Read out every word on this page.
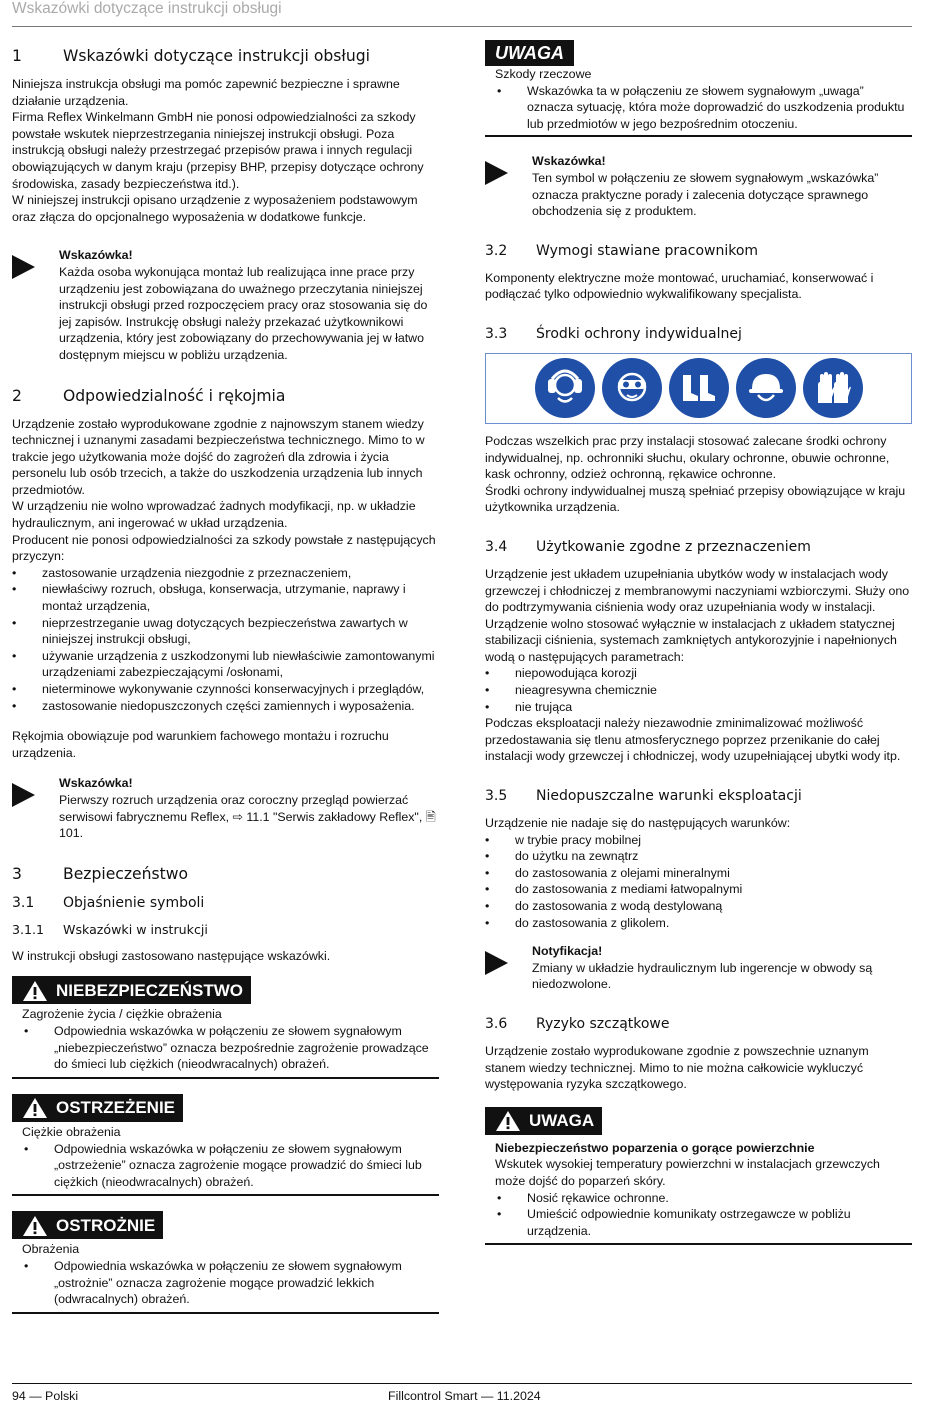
Wskazówki dotyczące instrukcji obsługi
1	Wskazówki dotyczące instrukcji obsługi

Niniejsza instrukcja obsługi ma pomóc zapewnić bezpieczne i sprawne działanie urządzenia.

Firma Reflex Winkelmann GmbH nie ponosi odpowiedzialności za szkody powstałe wskutek nieprzestrzegania niniejszej instrukcji obsługi. Poza instrukcją obsługi należy przestrzegać przepisów prawa i innych regulacji obowiązujących w danym kraju (przepisy BHP, przepisy dotyczące ochrony środowiska, zasady bezpieczeństwa itd.).

W niniejszej instrukcji opisano urządzenie z wyposażeniem podstawowym oraz złącza do opcjonalnego wyposażenia w dodatkowe funkcje.

Wskazówka!
Każda osoba wykonująca montaż lub realizująca inne prace przy urządzeniu jest zobowiązana do uważnego przeczytania niniejszej instrukcji obsługi przed rozpoczęciem pracy oraz stosowania się do jej zapisów. Instrukcję obsługi należy przekazać użytkownikowi urządzenia, który jest zobowiązany do przechowywania jej w łatwo dostępnym miejscu w pobliżu urządzenia.
2	Odpowiedzialność i rękojmia

Urządzenie zostało wyprodukowane zgodnie z najnowszym stanem wiedzy technicznej i uznanymi zasadami bezpieczeństwa technicznego. Mimo to w trakcie jego użytkowania może dojść do zagrożeń dla zdrowia i życia personelu lub osób trzecich, a także do uszkodzenia urządzenia lub innych przedmiotów.

W urządzeniu nie wolno wprowadzać żadnych modyfikacji, np. w układzie hydraulicznym, ani ingerować w układ urządzenia.

Producent nie ponosi odpowiedzialności za szkody powstałe z następujących przyczyn:

• zastosowanie urządzenia niezgodnie z przeznaczeniem,
• niewłaściwy rozruch, obsługa, konserwacja, utrzymanie, naprawy i montaż urządzenia,
• nieprzestrzeganie uwag dotyczących bezpieczeństwa zawartych w niniejszej instrukcji obsługi,
• używanie urządzenia z uszkodzonymi lub niewłaściwie zamontowanymi urządzeniami zabezpieczającymi /osłonami,
• nieterminowe wykonywanie czynności konserwacyjnych i przeglądów,
• zastosowanie niedopuszczonych części zamiennych i wyposażenia.

Rękojmia obowiązuje pod warunkiem fachowego montażu i rozruchu urządzenia.

Wskazówka!
Pierwszy rozruch urządzenia oraz coroczny przegląd powierzać serwisowi fabrycznemu Reflex, ⇨ 11.1 "Serwis zakładowy Reflex", 🖹 101.
3	Bezpieczeństwo
3.1	Objaśnienie symboli
3.1.1	Wskazówki w instrukcji

W instrukcji obsługi zastosowano następujące wskazówki.

NIEBEZPIECZEŃSTWO
Zagrożenie życia / ciężkie obrażenia
• Odpowiednia wskazówka w połączeniu ze słowem sygnałowym „niebezpieczeństwo” oznacza bezpośrednie zagrożenie prowadzące do śmieci lub ciężkich (nieodwracalnych) obrażeń.
OSTRZEŻENIE
Ciężkie obrażenia
• Odpowiednia wskazówka w połączeniu ze słowem sygnałowym „ostrzeżenie” oznacza zagrożenie mogące prowadzić do śmieci lub ciężkich (nieodwracalnych) obrażeń.
OSTROŻNIE
Obrażenia
• Odpowiednia wskazówka w połączeniu ze słowem sygnałowym „ostrożnie” oznacza zagrożenie mogące prowadzić lekkich (odwracalnych) obrażeń.
UWAGA
Szkody rzeczowe
• Wskazówka ta w połączeniu ze słowem sygnałowym „uwaga” oznacza sytuację, która może doprowadzić do uszkodzenia produktu lub przedmiotów w jego bezpośrednim otoczeniu.
Wskazówka!
Ten symbol w połączeniu ze słowem sygnałowym „wskazówka” oznacza praktyczne porady i zalecenia dotyczące sprawnego obchodzenia się z produktem.
3.2	Wymogi stawiane pracownikom

Komponenty elektryczne może montować, uruchamiać, konserwować i podłączać tylko odpowiednio wykwalifikowany specjalista.

3.3	Środki ochrony indywidualnej

Podczas wszelkich prac przy instalacji stosować zalecane środki ochrony indywidualnej, np. ochronniki słuchu, okulary ochronne, obuwie ochronne, kask ochronny, odzież ochronną, rękawice ochronne.

Środki ochrony indywidualnej muszą spełniać przepisy obowiązujące w kraju użytkownika urządzenia.

3.4	Użytkowanie zgodne z przeznaczeniem

Urządzenie jest układem uzupełniania ubytków wody w instalacjach wody grzewczej i chłodniczej z membranowymi naczyniami wzbiorczymi. Służy ono do podtrzymywania ciśnienia wody oraz uzupełniania wody w instalacji. Urządzenie wolno stosować wyłącznie w instalacjach z układem statycznej stabilizacji ciśnienia, systemach zamkniętych antykorozyjnie i napełnionych wodą o następujących parametrach:

• niepowodująca korozji
• nieagresywna chemicznie
• nie trująca

Podczas eksploatacji należy niezawodnie zminimalizować możliwość przedostawania się tlenu atmosferycznego poprzez przenikanie do całej instalacji wody grzewczej i chłodniczej, wody uzupełniającej ubytki wody itp.

3.5	Niedopuszczalne warunki eksploatacji

Urządzenie nie nadaje się do następujących warunków:

• w trybie pracy mobilnej
• do użytku na zewnątrz
• do zastosowania z olejami mineralnymi
• do zastosowania z mediami łatwopalnymi
• do zastosowania z wodą destylowaną
• do zastosowania z glikolem.
Notyfikacja!
Zmiany w układzie hydraulicznym lub ingerencje w obwody są niedozwolone.
3.6	Ryzyko szczątkowe

Urządzenie zostało wyprodukowane zgodnie z powszechnie uznanym stanem wiedzy technicznej. Mimo to nie można całkowicie wykluczyć występowania ryzyka szczątkowego.

UWAGA
Niebezpieczeństwo poparzenia o gorące powierzchnie
Wskutek wysokiej temperatury powierzchni w instalacjach grzewczych może dojść do poparzeń skóry.
• Nosić rękawice ochronne.
• Umieścić odpowiednie komunikaty ostrzegawcze w pobliżu urządzenia.
94 — Polski	Fillcontrol Smart — 11.2024
